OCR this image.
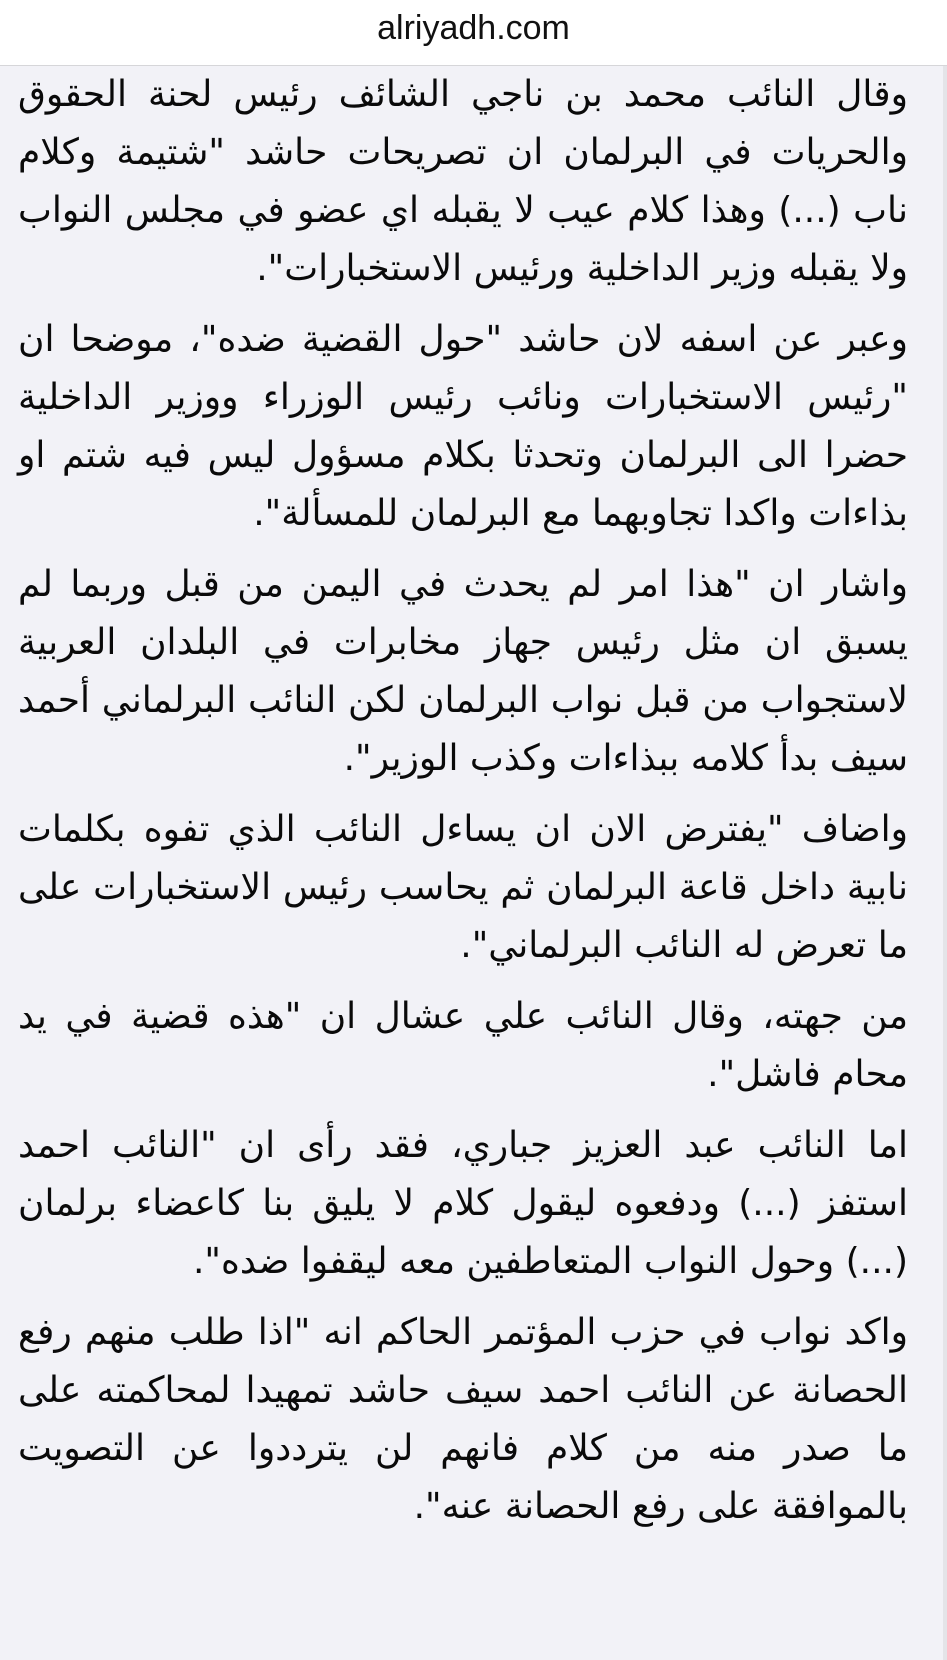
alriyadh.com

وقال النائب محمد بن ناجي الشائف رئيس لحنة الحقوق والحريات في البرلمان ان تصريحات حاشد "شتيمة وكلام ناب (...) وهذا كلام عيب لا يقبله اي عضو في مجلس النواب ولا يقبله وزير الداخلية ورئيس الاستخبارات".

وعبر عن اسفه لان حاشد "حول القضية ضده"، موضحا ان "رئيس الاستخبارات ونائب رئيس الوزراء ووزير الداخلية حضرا الى البرلمان وتحدثا بكلام مسؤول ليس فيه شتم او بذاءات واكدا تجاوبهما مع البرلمان للمسألة".

واشار ان "هذا امر لم يحدث في اليمن من قبل وربما لم يسبق ان مثل رئيس جهاز مخابرات في البلدان العربية لاستجواب من قبل نواب البرلمان لكن النائب البرلماني أحمد سيف بدأ كلامه ببذاءات وكذب الوزير".

واضاف "يفترض الان ان يساءل النائب الذي تفوه بكلمات نابية داخل قاعة البرلمان ثم يحاسب رئيس الاستخبارات على ما تعرض له النائب البرلماني".

من جهته، وقال النائب علي عشال ان "هذه قضية في يد محام فاشل".

اما النائب عبد العزيز جباري، فقد رأى ان "النائب احمد استفز (...) ودفعوه ليقول كلام لا يليق بنا كاعضاء برلمان (...) وحول النواب المتعاطفين معه ليقفوا ضده".

واكد نواب في حزب المؤتمر الحاكم انه "اذا طلب منهم رفع الحصانة عن النائب احمد سيف حاشد تمهيدا لمحاكمته على ما صدر منه من كلام فانهم لن يترددوا عن التصويت بالموافقة على رفع الحصانة عنه".
